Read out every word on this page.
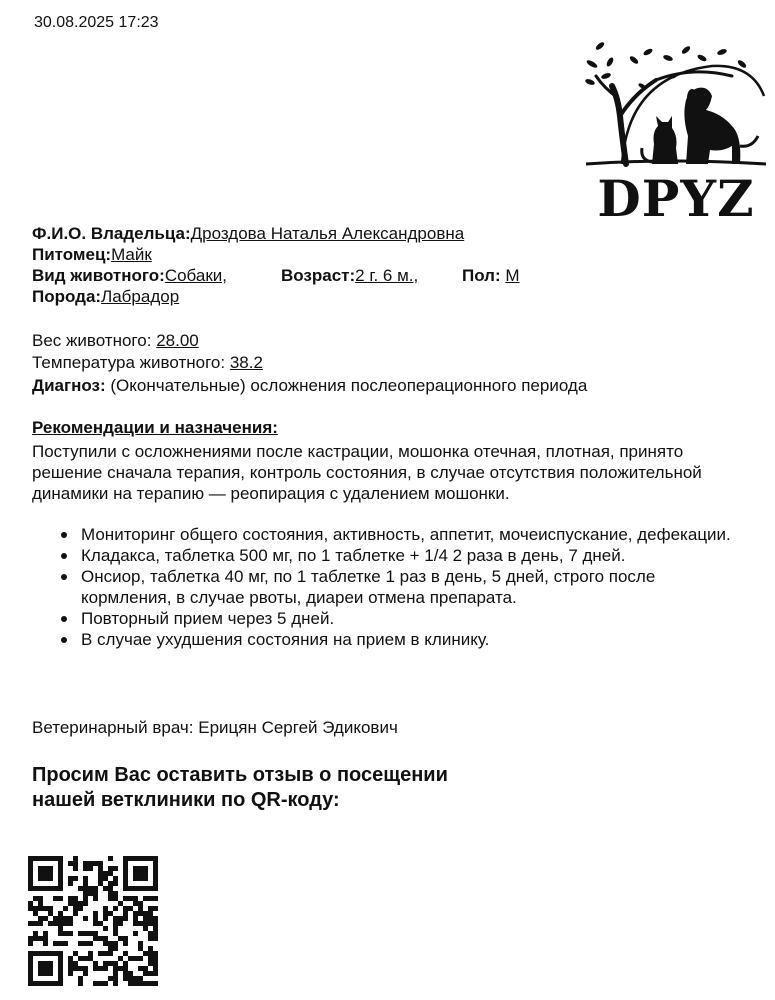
30.08.2025 17:23
DPYZ
Ф.И.О. Владельца:Дроздова Наталья Александровна
Питомец:Майк
Вид животного:Собаки,	Возраст:2 г. 6 м.,	Пол: М
Порода:Лабрадор
Вес животного: 28.00
Температура животного: 38.2
Диагноз: (Окончательные) осложнения послеоперационного периода
Рекомендации и назначения:
Поступили с осложнениями после кастрации, мошонка отечная, плотная, принято решение сначала терапия, контроль состояния, в случае отсутствия положительной динамики на терапию — реопирация с удалением мошонки.
Мониторинг общего состояния, активность, аппетит, мочеиспускание, дефекации.
Кладакса, таблетка 500 мг, по 1 таблетке + 1/4 2 раза в день, 7 дней.
Онсиор, таблетка 40 мг, по 1 таблетке 1 раз в день, 5 дней, строго после кормления, в случае рвоты, диареи отмена препарата.
Повторный прием через 5 дней.
В случае ухудшения состояния на прием в клинику.
Ветеринарный врач: Ерицян Сергей Эдикович
Просим Вас оставить отзыв о посещении
нашей ветклиники по QR-коду:
